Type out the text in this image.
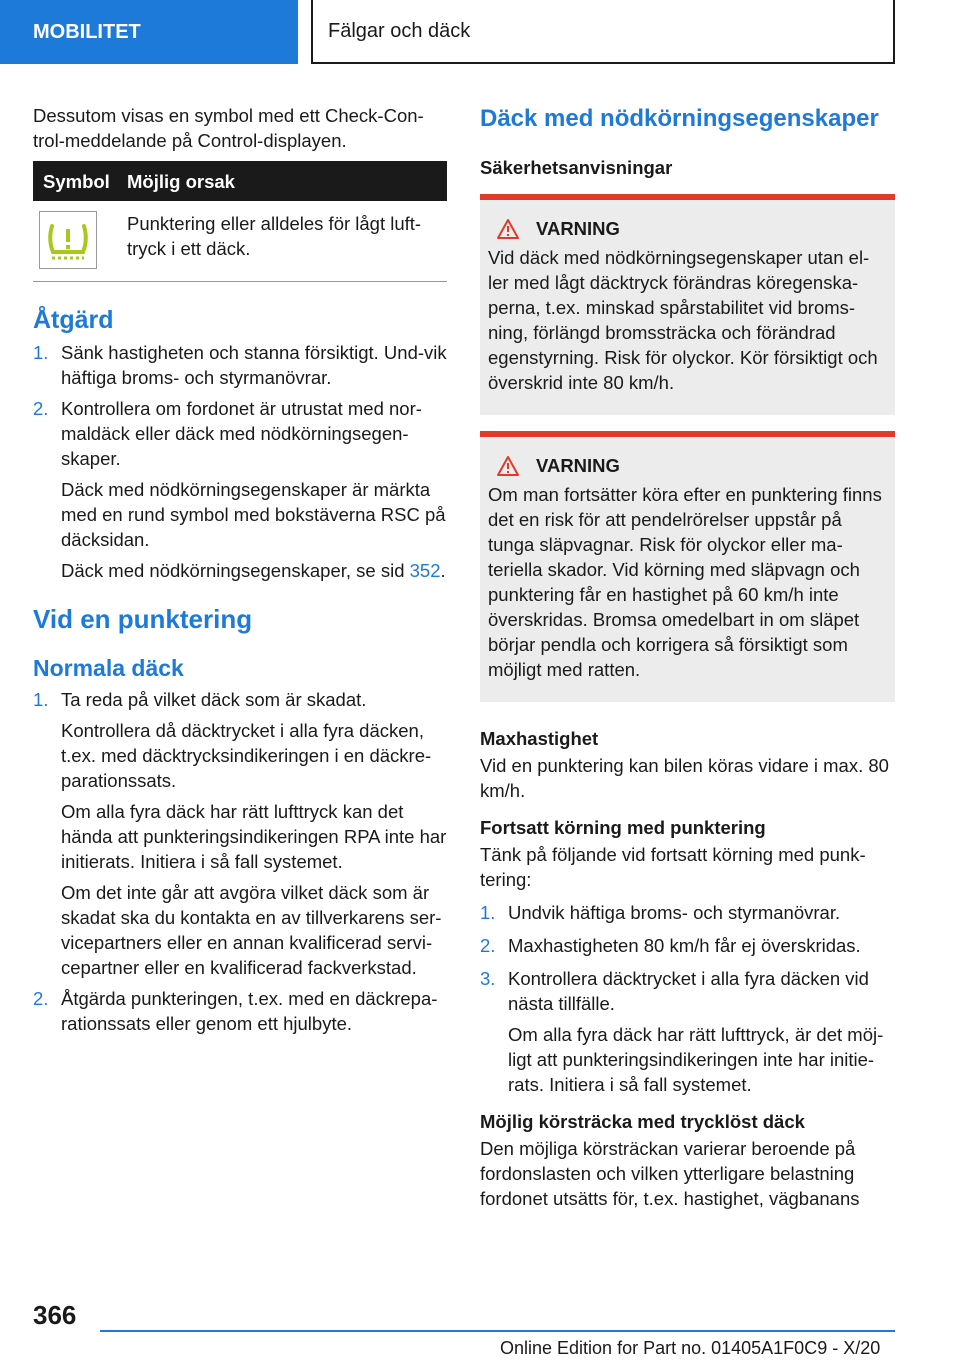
MOBILITET	Fälgar och däck

Dessutom visas en symbol med ett Check-Con-trol-meddelande på Control-displayen.

Symbol Möjlig orsak
Punktering eller alldeles för lågt luft-tryck i ett däck.
Åtgärd
1. Sänk hastigheten och stanna försiktigt. Und-vik häftiga broms- och styrmanövrar.
2. Kontrollera om fordonet är utrustat med nor-maldäck eller däck med nödkörningsegen-skaper.

Däck med nödkörningsegenskaper är märkta med en rund symbol med bokstäverna RSC på däcksidan.

Däck med nödkörningsegenskaper, se sid 352.

Vid en punktering
Normala däck
1. Ta reda på vilket däck som är skadat.

Kontrollera då däcktrycket i alla fyra däcken, t.ex. med däcktrycksindikeringen i en däckre-parationssats.

Om alla fyra däck har rätt lufttryck kan det hända att punkteringsindikeringen RPA inte har initierats. Initiera i så fall systemet.

Om det inte går att avgöra vilket däck som är skadat ska du kontakta en av tillverkarens ser-vicepartners eller en annan kvalificerad servi-cepartner eller en kvalificerad fackverkstad.

2. Åtgärda punkteringen, t.ex. med en däckrepa-rationssats eller genom ett hjulbyte.
Däck med nödkörningsegenskaper

Säkerhetsanvisningar

VARNING

Vid däck med nödkörningsegenskaper utan el-ler med lågt däcktryck förändras köregenska-perna, t.ex. minskad spårstabilitet vid broms-ning, förlängd bromssträcka och förändrad egenstyrning. Risk för olyckor. Kör försiktigt och överskrid inte 80 km/h.

VARNING

Om man fortsätter köra efter en punktering finns det en risk för att pendelrörelser uppstår på tunga släpvagnar. Risk för olyckor eller ma-teriella skador. Vid körning med släpvagn och punktering får en hastighet på 60 km/h inte överskridas. Bromsa omedelbart in om släpet börjar pendla och korrigera så försiktigt som möjligt med ratten.

Maxhastighet

Vid en punktering kan bilen köras vidare i max. 80 km/h.

Fortsatt körning med punktering

Tänk på följande vid fortsatt körning med punk-tering:

1. Undvik häftiga broms- och styrmanövrar.
2. Maxhastigheten 80 km/h får ej överskridas.
3. Kontrollera däcktrycket i alla fyra däcken vid nästa tillfälle.

Om alla fyra däck har rätt lufttryck, är det möj-ligt att punkteringsindikeringen inte har initie-rats. Initiera i så fall systemet.

Möjlig körsträcka med trycklöst däck

Den möjliga körsträckan varierar beroende på fordonslasten och vilken ytterligare belastning fordonet utsätts för, t.ex. hastighet, vägbanans

366
Online Edition for Part no. 01405A1F0C9 - X/20
